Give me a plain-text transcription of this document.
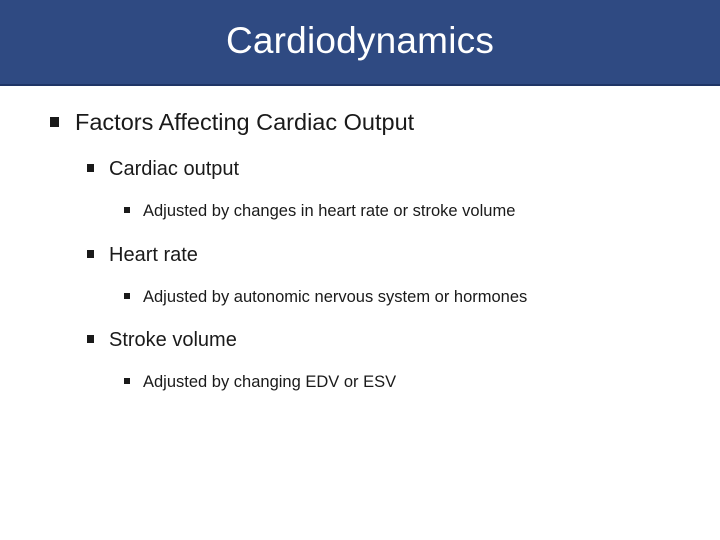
Cardiodynamics
Factors Affecting Cardiac Output
Cardiac output
Adjusted by changes in heart rate or stroke volume
Heart rate
Adjusted by autonomic nervous system or hormones
Stroke volume
Adjusted by changing EDV or ESV
